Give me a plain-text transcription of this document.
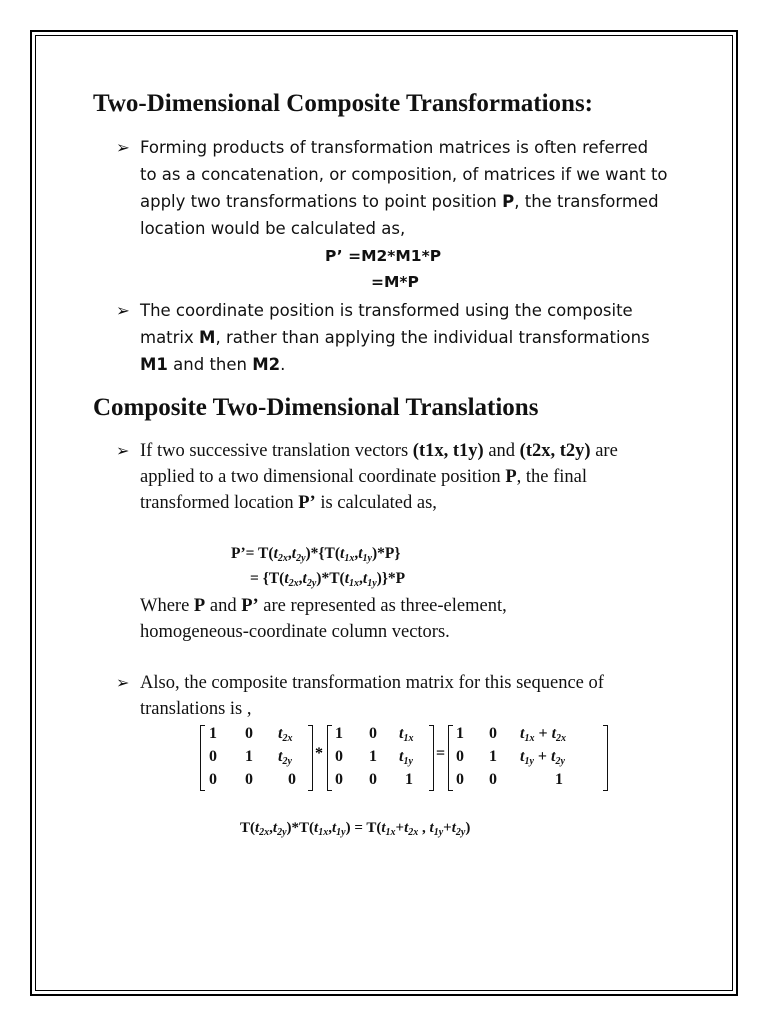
Two-Dimensional Composite Transformations:
➢ Forming products of transformation matrices is often referred
to as a concatenation, or composition, of matrices if we want to
apply two transformations to point position P, the transformed
location would be calculated as,
P’ =M2*M1*P
=M*P
➢ The coordinate position is transformed using the composite
matrix M, rather than applying the individual transformations
M1 and then M2.
Composite Two-Dimensional Translations
➢ If two successive translation vectors (t1x, t1y) and (t2x, t2y) are
applied to a two dimensional coordinate position P, the final
transformed location P’ is calculated as,
P’= $T(t_{2x},t_{2y})*\{T(t_{1x},t_{1y})*P\}$
= $\{T(t_{2x},t_{2y})*T(t_{1x},t_{1y})\}*P$
Where P and P’ are represented as three-element,
homogeneous-coordinate column vectors.
➢ Also, the composite transformation matrix for this sequence of
translations is ,
1 0 $t_{2x}$
0 1 $t_{2y}$
0 0 0
*
1 0 $t_{1x}$
0 1 $t_{1y}$
0 0 1
=
1 0 $t_{1x} + t_{2x}$
0 1 $t_{1y} + t_{2y}$
0 0	1
$T(t_{2x},t_{2y})*T(t_{1x},t_{1y}) = T(t_{1x}+t_{2x}$ , $t_{1y}+t_{2y}$)
